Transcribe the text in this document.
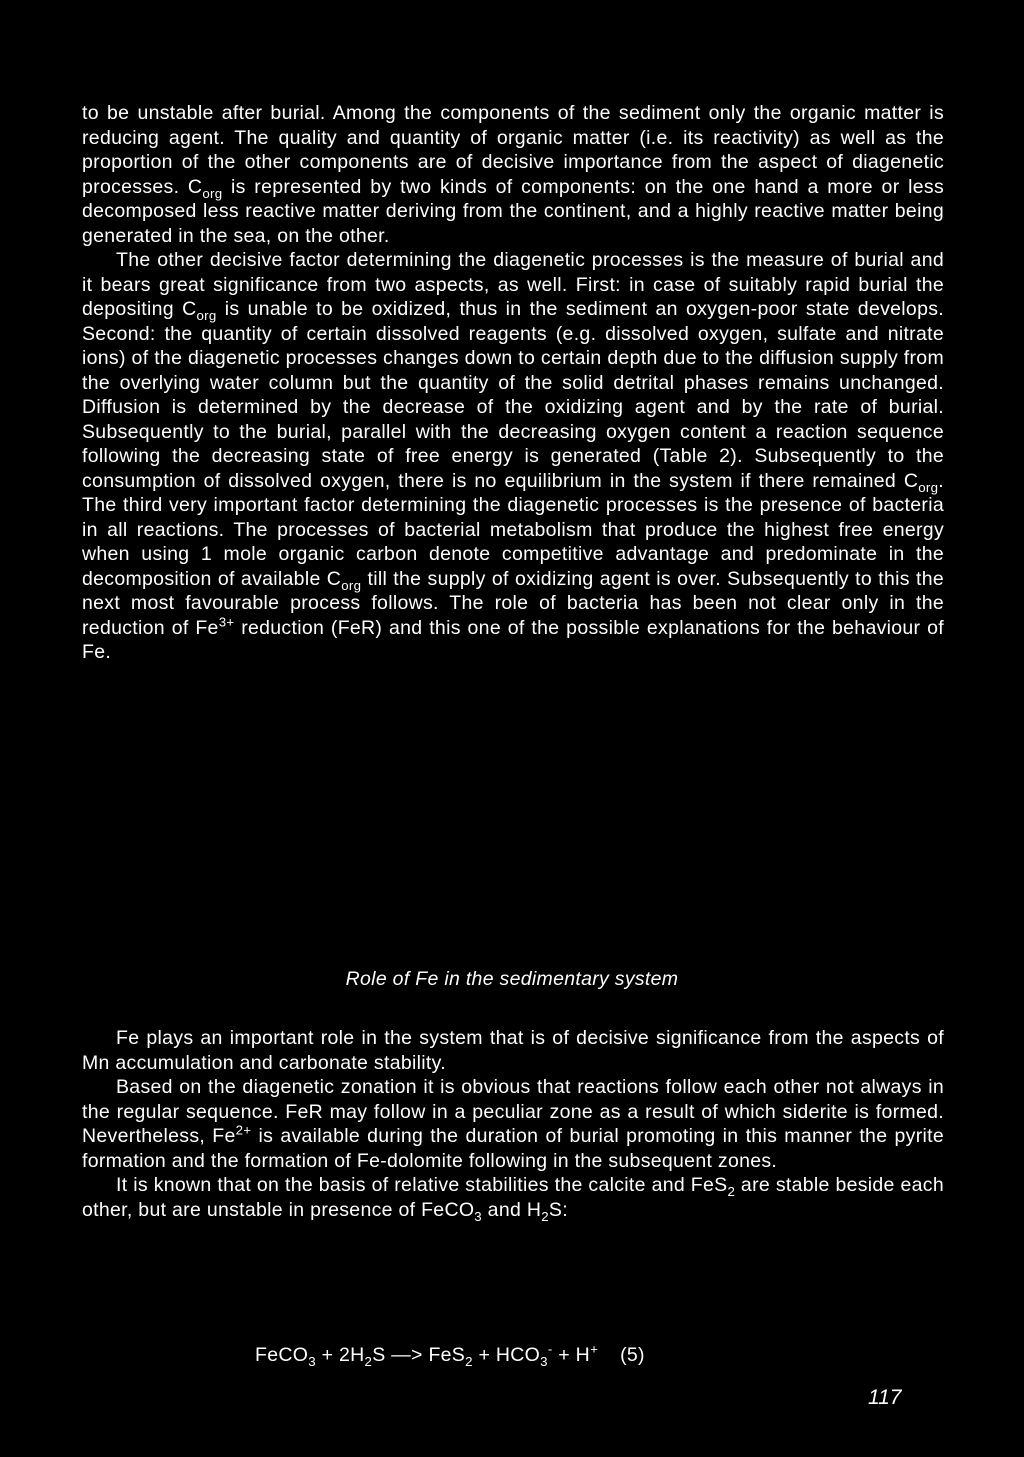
to be unstable after burial. Among the components of the sediment only the organic matter is reducing agent. The quality and quantity of organic matter (i.e. its reactivity) as well as the proportion of the other components are of decisive importance from the aspect of diagenetic processes. $C_{org}$ is represented by two kinds of components: on the one hand a more or less decomposed less reactive matter deriving from the continent, and a highly reactive matter being generated in the sea, on the other.

The other decisive factor determining the diagenetic processes is the measure of burial and it bears great significance from two aspects, as well. First: in case of suitably rapid burial the depositing $C_{org}$ is unable to be oxidized, thus in the sediment an oxygen-poor state develops. Second: the quantity of certain dissolved reagents (e.g. dissolved oxygen, sulfate and nitrate ions) of the diagenetic processes changes down to certain depth due to the diffusion supply from the overlying water column but the quantity of the solid detrital phases remains unchanged. Diffusion is determined by the decrease of the oxidizing agent and by the rate of burial. Subsequently to the burial, parallel with the decreasing oxygen content a reaction sequence following the decreasing state of free energy is generated (Table 2). Subsequently to the consumption of dissolved oxygen, there is no equilibrium in the system if there remained $C_{org}$. The third very important factor determining the diagenetic processes is the presence of bacteria in all reactions. The processes of bacterial metabolism that produce the highest free energy when using 1 mole organic carbon denote competitive advantage and predominate in the decomposition of available $C_{org}$ till the supply of oxidizing agent is over. Subsequently to this the next most favourable process follows. The role of bacteria has been not clear only in the reduction of $Fe^{3+}$ reduction (FeR) and this one of the possible explanations for the behaviour of Fe.

Role of Fe in the sedimentary system

Fe plays an important role in the system that is of decisive significance from the aspects of Mn accumulation and carbonate stability.

Based on the diagenetic zonation it is obvious that reactions follow each other not always in the regular sequence. FeR may follow in a peculiar zone as a result of which siderite is formed. Nevertheless, $Fe^{2+}$ is available during the duration of burial promoting in this manner the pyrite formation and the formation of Fe-dolomite following in the subsequent zones.

It is known that on the basis of relative stabilities the calcite and FeS$_2$ are stable beside each other, but are unstable in presence of FeCO$_3$ and $H_2S$:

FeCO$_3$ + $2H_2S$ —> $FeS_2 + HCO_3^- + H^+$ (5)
117
